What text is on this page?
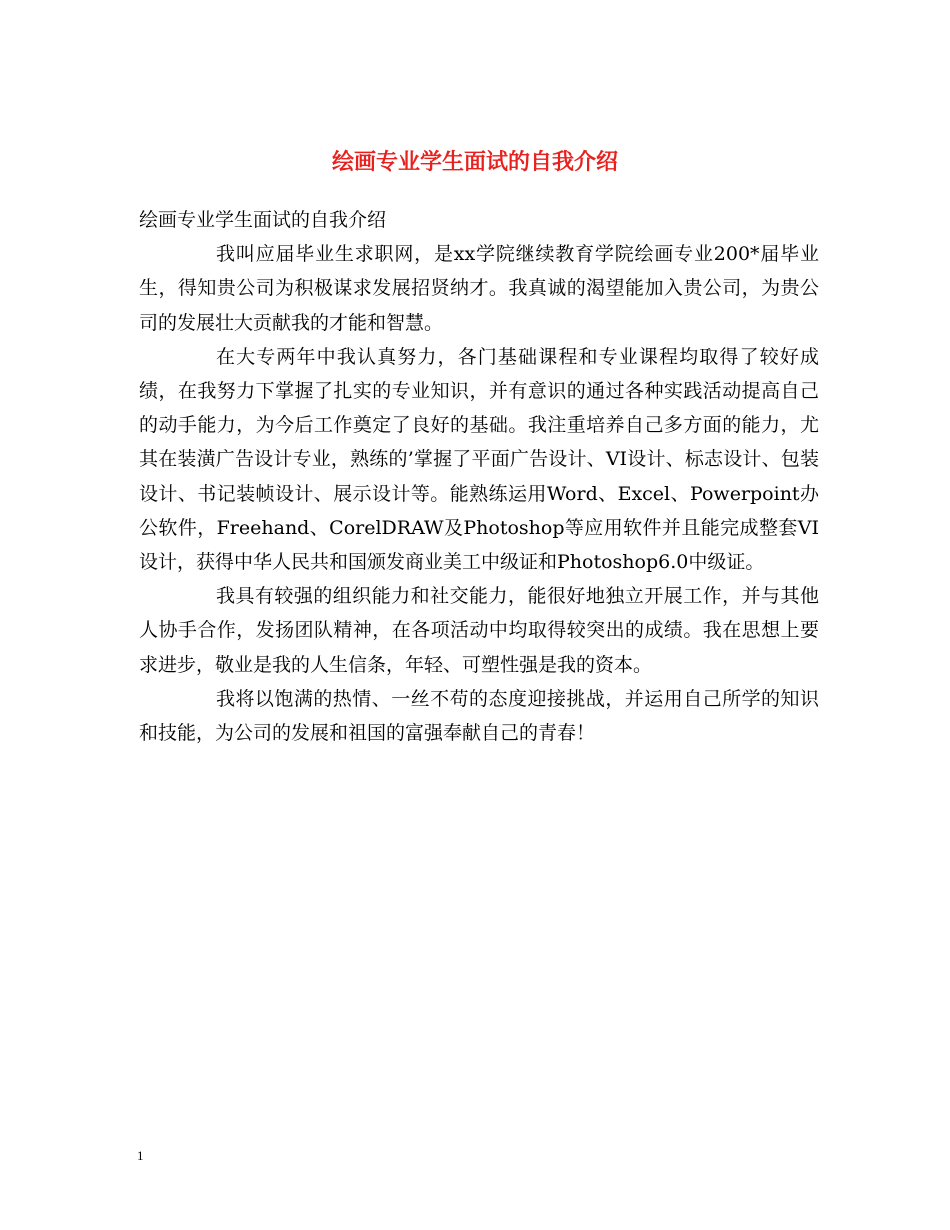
绘画专业学生面试的自我介绍

绘画专业学生面试的自我介绍

我叫应届毕业生求职网，是xx学院继续教育学院绘画专业200*届毕业生，得知贵公司为积极谋求发展招贤纳才。我真诚的渴望能加入贵公司，为贵公司的发展壮大贡献我的才能和智慧。

在大专两年中我认真努力，各门基础课程和专业课程均取得了较好成绩，在我努力下掌握了扎实的专业知识，并有意识的通过各种实践活动提高自己的动手能力，为今后工作奠定了良好的基础。我注重培养自己多方面的能力，尤其在装潢广告设计专业，熟练的’掌握了平面广告设计、VI设计、标志设计、包装设计、书记装帧设计、展示设计等。能熟练运用Word、Excel、Powerpoint办公软件，Freehand、CorelDRAW及Photoshop等应用软件并且能完成整套VI设计，获得中华人民共和国颁发商业美工中级证和Photoshop6.0中级证。

我具有较强的组织能力和社交能力，能很好地独立开展工作，并与其他人协手合作，发扬团队精神，在各项活动中均取得较突出的成绩。我在思想上要求进步，敬业是我的人生信条，年轻、可塑性强是我的资本。

我将以饱满的热情、一丝不苟的态度迎接挑战，并运用自己所学的知识和技能，为公司的发展和祖国的富强奉献自己的青春！

1
